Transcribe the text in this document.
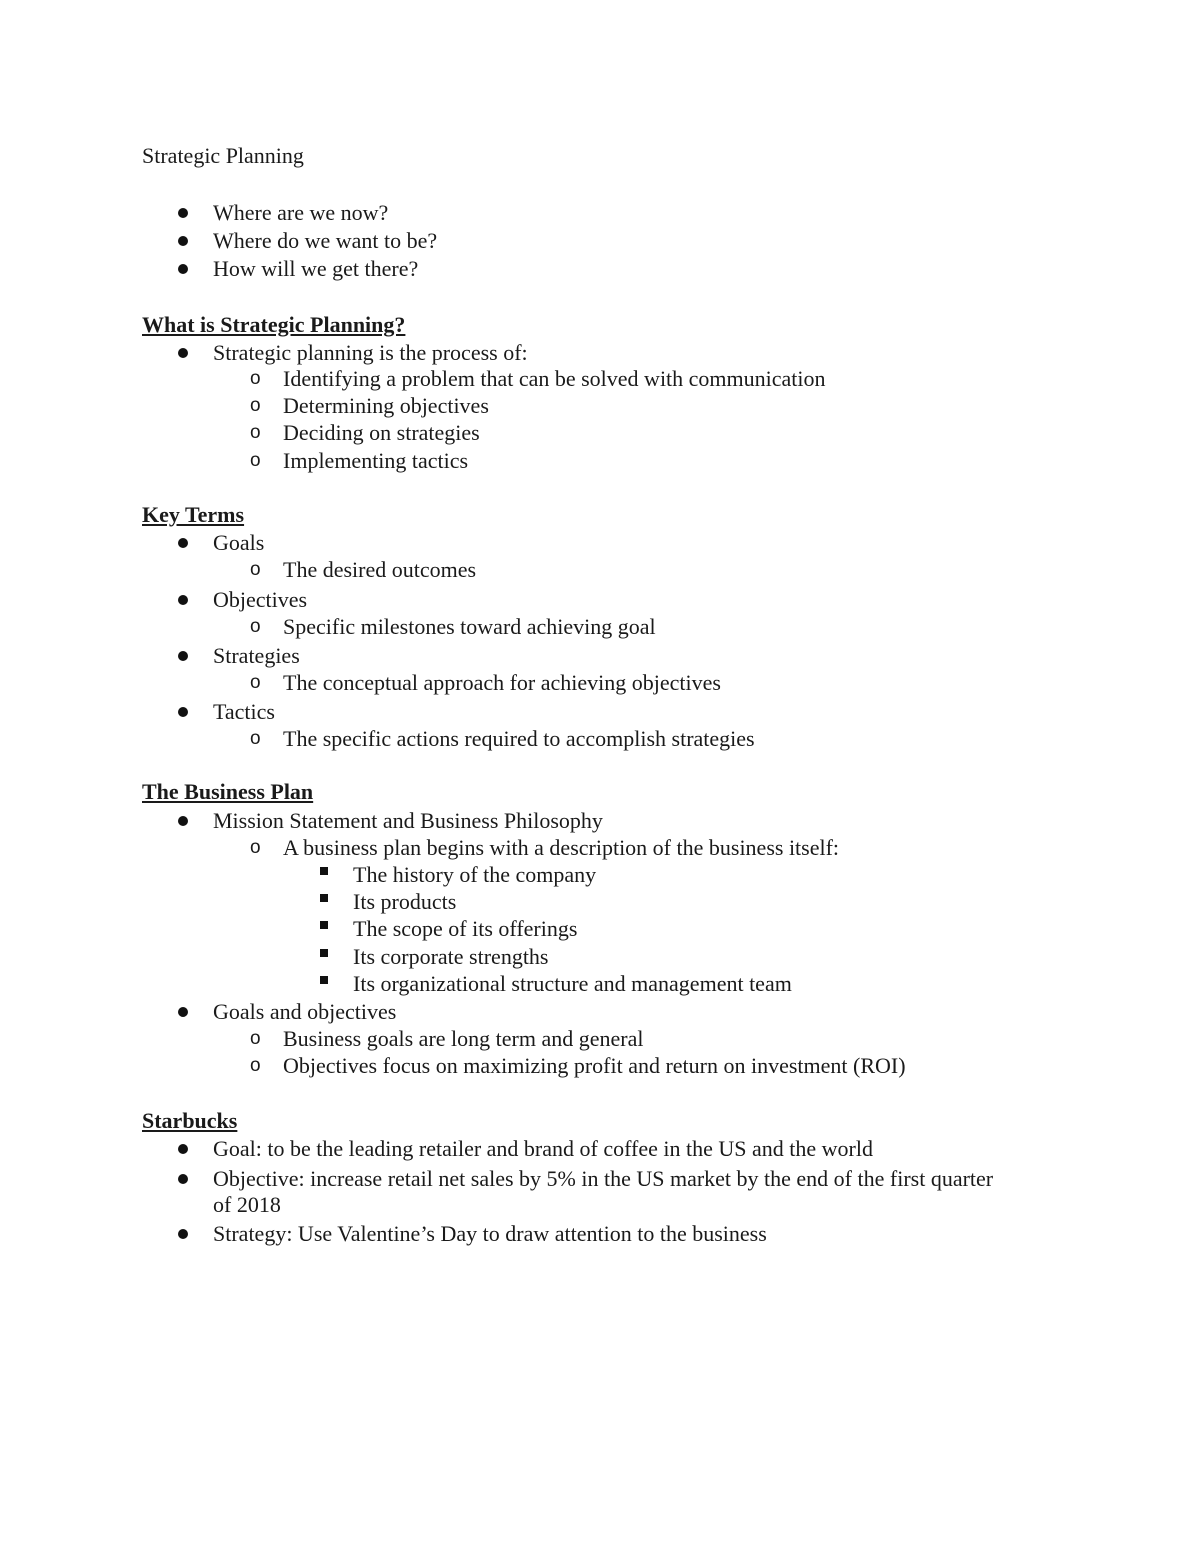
Strategic Planning
Where are we now?
Where do we want to be?
How will we get there?
What is Strategic Planning?
Strategic planning is the process of:
o Identifying a problem that can be solved with communication
o Determining objectives
o Deciding on strategies
o Implementing tactics
Key Terms
Goals
o The desired outcomes
Objectives
o Specific milestones toward achieving goal
Strategies
o The conceptual approach for achieving objectives
Tactics
o The specific actions required to accomplish strategies
The Business Plan
Mission Statement and Business Philosophy
o A business plan begins with a description of the business itself:
The history of the company
Its products
The scope of its offerings
Its corporate strengths
Its organizational structure and management team
Goals and objectives
o Business goals are long term and general
o Objectives focus on maximizing profit and return on investment (ROI)
Starbucks
Goal: to be the leading retailer and brand of coffee in the US and the world
Objective: increase retail net sales by 5% in the US market by the end of the first quarter
of 2018
Strategy: Use Valentine’s Day to draw attention to the business
